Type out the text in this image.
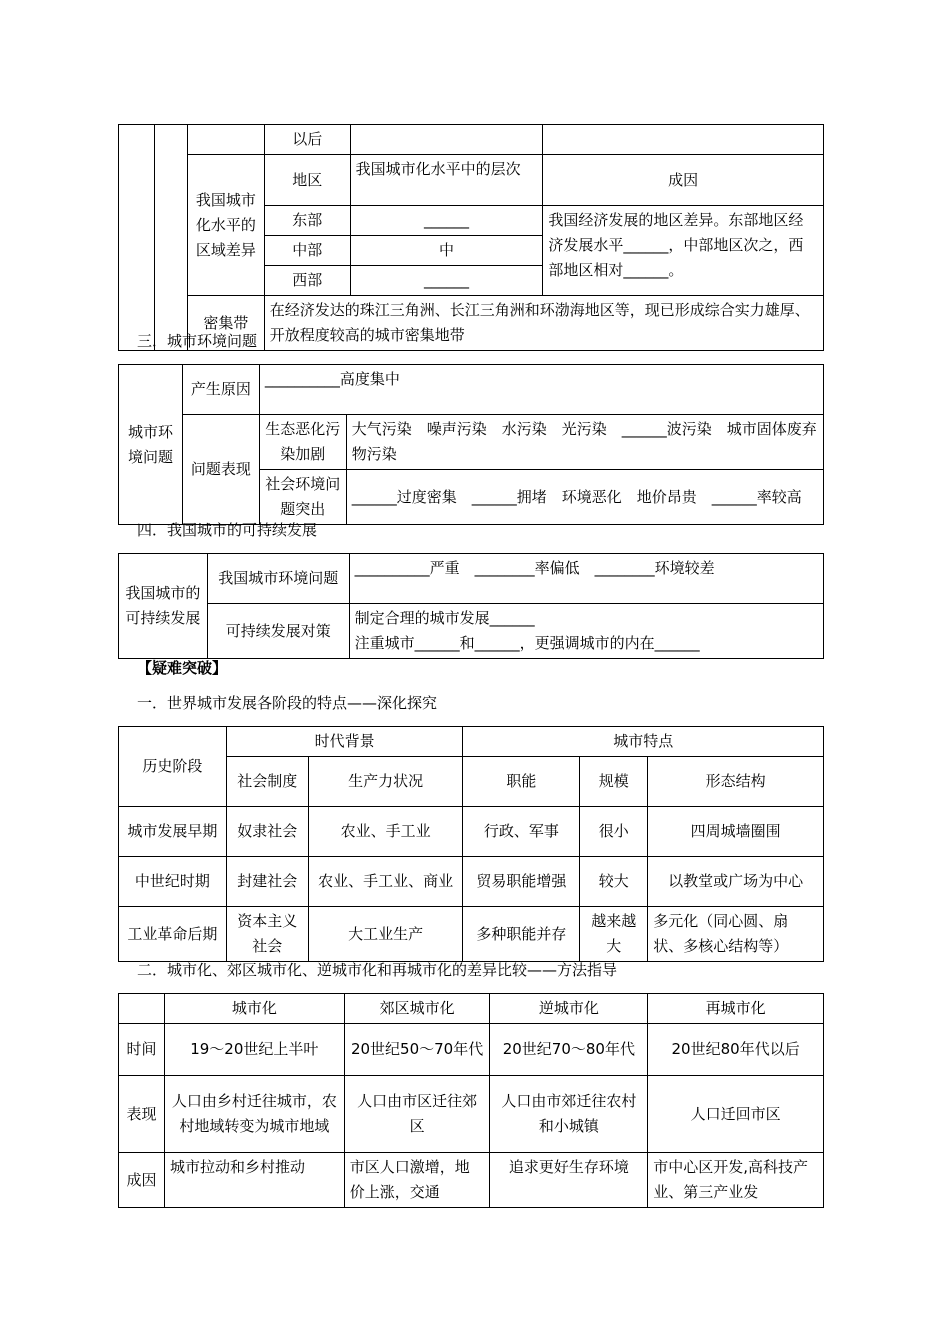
			以后		
		我国城市化水平的区域差异	地区	我国城市化水平中的层次	成因
			东部	______	我国经济发展的地区差异。东部地区经济发展水平______，中部地区次之，西部地区相对______。
			中部	中	
			西部	______	
		密集带	在经济发达的珠江三角洲、长江三角洲和环渤海地区等，现已形成综合实力雄厚、开放程度较高的城市密集地带		
三．城市环境问题
城市环境问题	产生原因	__________高度集中	
	问题表现	生态恶化污染加剧	大气污染　噪声污染　水污染　光污染　______波污染　城市固体废弃物污染
		社会环境问题突出	______过度密集　______拥堵　环境恶化　地价昂贵　______率较高
四．我国城市的可持续发展
我国城市的可持续发展	我国城市环境问题	__________严重　________率偏低　________环境较差
	可持续发展对策	制定合理的城市发展______
注重城市______和______，更强调城市的内在______
【疑难突破】
一．世界城市发展各阶段的特点——深化探究
历史阶段	时代背景		城市特点		
	社会制度	生产力状况	职能	规模	形态结构
城市发展早期	奴隶社会	农业、手工业	行政、军事	很小	四周城墙圈围
中世纪时期	封建社会	农业、手工业、商业	贸易职能增强	较大	以教堂或广场为中心
工业革命后期	资本主义社会	大工业生产	多种职能并存	越来越大	多元化（同心圆、扇状、多核心结构等）
二．城市化、郊区城市化、逆城市化和再城市化的差异比较——方法指导
	城市化	郊区城市化	逆城市化	再城市化
时间	19～20世纪上半叶	20世纪50～70年代	20世纪70～80年代	20世纪80年代以后
表现	人口由乡村迁往城市，农村地域转变为城市地域	人口由市区迁往郊区	人口由市郊迁往农村和小城镇	人口迁回市区
成因	城市拉动和乡村推动	市区人口激增，地价上涨，交通	追求更好生存环境	市中心区开发,高科技产业、第三产业发
